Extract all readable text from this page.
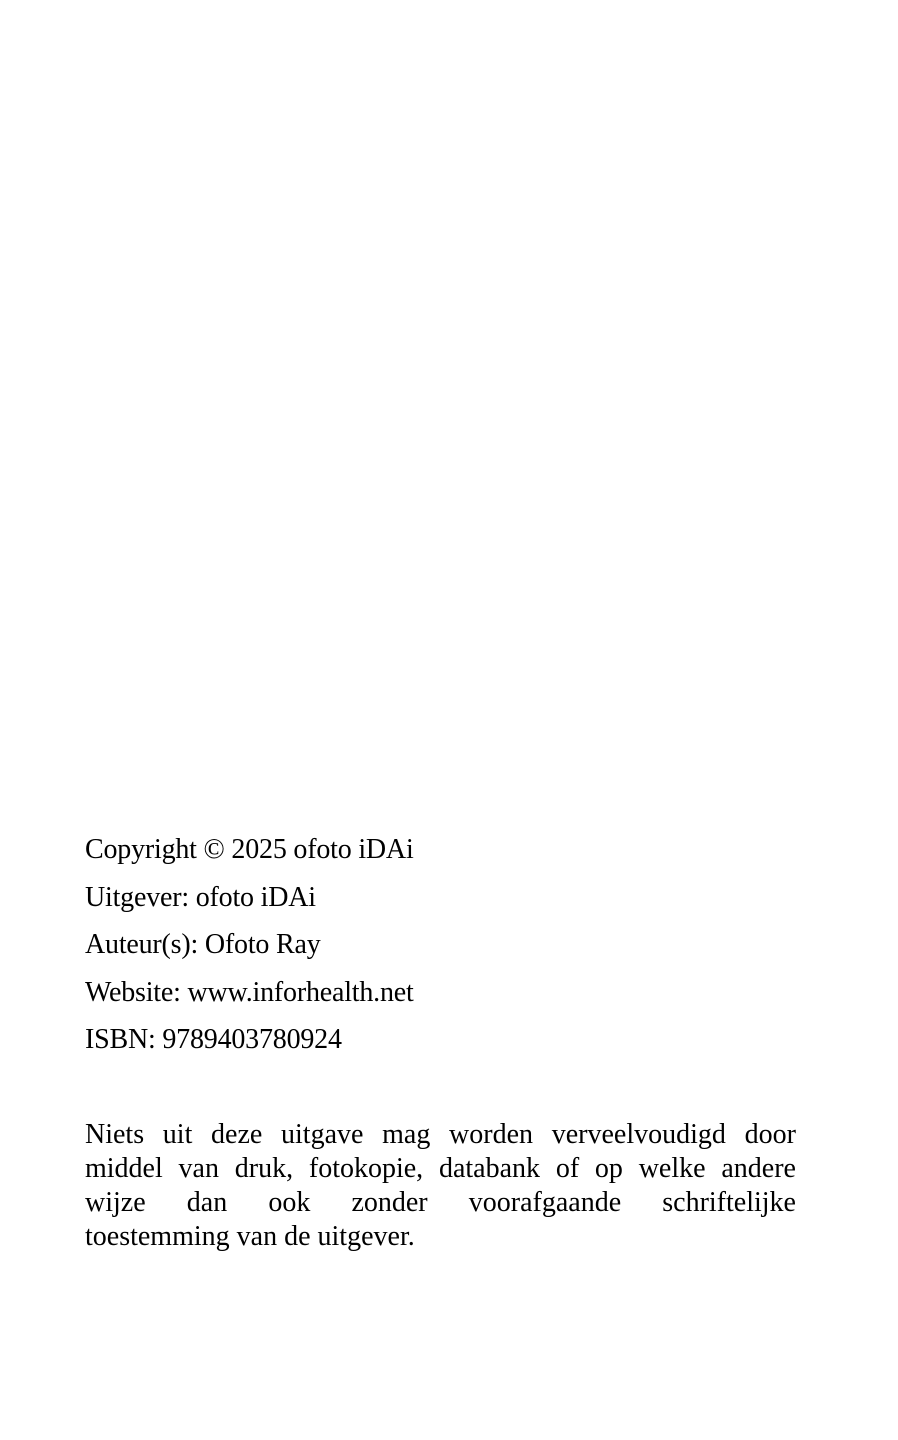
Copyright © 2025 ofoto iDAi
Uitgever: ofoto iDAi
Auteur(s): Ofoto Ray
Website: www.inforhealth.net
ISBN: 9789403780924
Niets uit deze uitgave mag worden verveelvoudigd door
middel van druk, fotokopie, databank of op welke andere
wijze dan ook zonder voorafgaande schriftelijke
toestemming van de uitgever.
